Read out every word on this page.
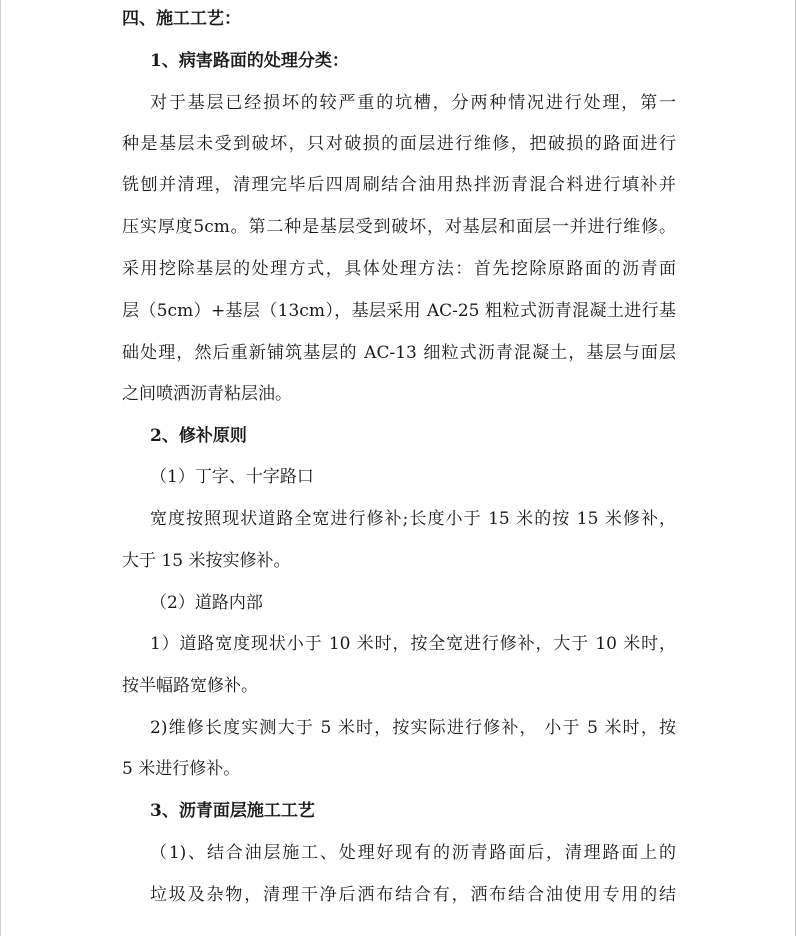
四、施工工艺：
1、病害路面的处理分类：
对于基层已经损坏的较严重的坑槽，分两种情况进行处理，第一
种是基层未受到破坏，只对破损的面层进行维修，把破损的路面进行
铣刨并清理，清理完毕后四周刷结合油用热拌沥青混合料进行填补并
压实厚度5cm。第二种是基层受到破坏，对基层和面层一并进行维修。
采用挖除基层的处理方式，具体处理方法：首先挖除原路面的沥青面
层（5cm）+基层（13cm），基层采用 AC-25 粗粒式沥青混凝土进行基
础处理，然后重新铺筑基层的 AC-13 细粒式沥青混凝土，基层与面层
之间喷洒沥青粘层油。
2、修补原则
（1）丁字、十字路口
宽度按照现状道路全宽进行修补;长度小于 15 米的按 15 米修补，
大于 15 米按实修补。
（2）道路内部
1）道路宽度现状小于 10 米时，按全宽进行修补，大于 10 米时，
按半幅路宽修补。
2)维修长度实测大于 5 米时，按实际进行修补， 小于 5 米时，按
5 米进行修补。
3、沥青面层施工工艺
（1)、结合油层施工、处理好现有的沥青路面后，清理路面上的
垃圾及杂物，清理干净后洒布结合有，洒布结合油使用专用的结
